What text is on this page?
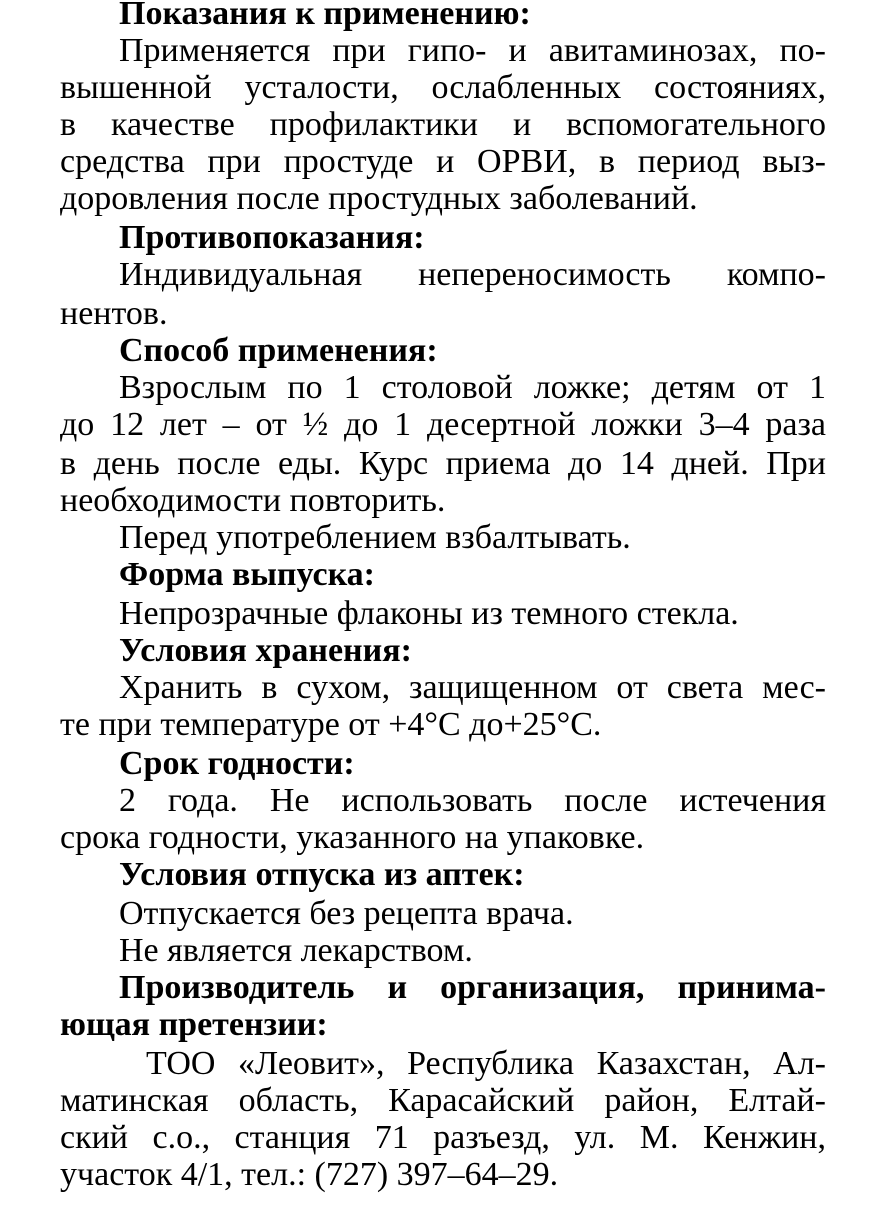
Показания к применению:
Применяется при гипо- и авитаминозах, по-
вышенной усталости, ослабленных состояниях,
в качестве профилактики и вспомогательного
средства при простуде и ОРВИ, в период выз-
доровления после простудных заболеваний.
Противопоказания:
Индивидуальная непереносимость компо-
нентов.
Способ применения:
Взрослым по 1 столовой ложке; детям от 1
до 12 лет – от ½ до 1 десертной ложки 3–4 раза
в день после еды. Курс приема до 14 дней. При
необходимости повторить.
Перед употреблением взбалтывать.
Форма выпуска:
Непрозрачные флаконы из темного стекла.
Условия хранения:
Хранить в сухом, защищенном от света мес-
те при температуре от +4°С до+25°С.
Срок годности:
2 года. Не использовать после истечения
срока годности, указанного на упаковке.
Условия отпуска из аптек:
Отпускается без рецепта врача.
Не является лекарством.
Производитель и организация, принима-
ющая претензии:
ТОО «Леовит», Республика Казахстан, Ал-
матинская область, Карасайский район, Елтай-
ский с.о., станция 71 разъезд, ул. М. Кенжин,
участок 4/1, тел.: (727) 397–64–29.
